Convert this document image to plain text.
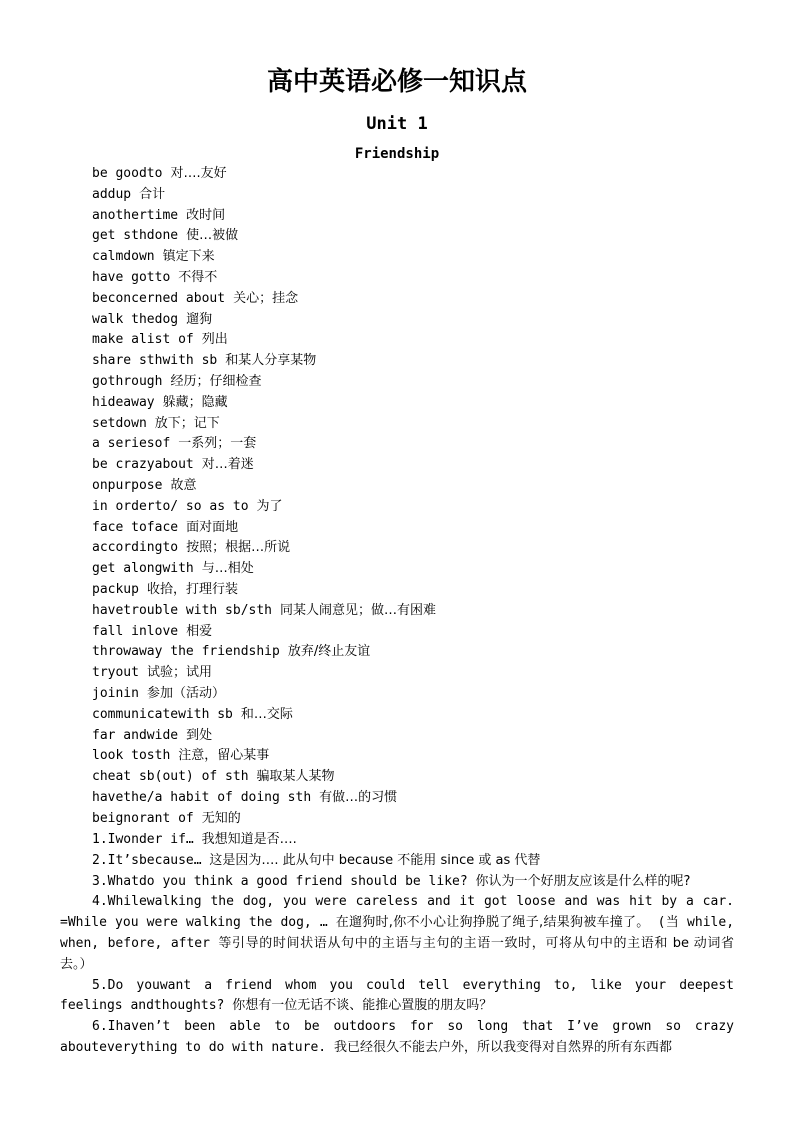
高中英语必修一知识点
Unit 1
Friendship
be goodto 对….友好
addup 合计
anothertime 改时间
get sthdone 使…被做
calmdown 镇定下来
have gotto 不得不
beconcerned about 关心；挂念
walk thedog 遛狗
make alist of 列出
share sthwith sb 和某人分享某物
gothrough 经历；仔细检查
hideaway 躲藏；隐藏
setdown 放下；记下
a seriesof 一系列；一套
be crazyabout 对…着迷
onpurpose 故意
in orderto/ so as to 为了
face toface 面对面地
accordingto 按照；根据…所说
get alongwith 与…相处
packup 收拾，打理行装
havetrouble with sb/sth 同某人闹意见；做…有困难
fall inlove 相爱
throwaway the friendship 放弃/终止友谊
tryout 试验；试用
joinin 参加（活动）
communicatewith sb 和…交际
far andwide 到处
look tosth 注意，留心某事
cheat sb(out) of sth 骗取某人某物
havethe/a habit of doing sth 有做…的习惯
beignorant of 无知的

1.Iwonder if… 我想知道是否….

2.It’sbecause… 这是因为…. 此从句中 because 不能用 since 或 as 代替

3.Whatdo you think a good friend should be like? 你认为一个好朋友应该是什么样的呢?

4.Whilewalking the dog, you were careless and it got loose and was hit by a car. =While you were walking the dog, … 在遛狗时,你不小心让狗挣脱了绳子,结果狗被车撞了。 (当 while, when, before, after 等引导的时间状语从句中的主语与主句的主语一致时，可将从句中的主语和 be 动词省去。）

5.Do youwant a friend whom you could tell everything to, like your deepest feelings andthoughts? 你想有一位无话不谈、能推心置腹的朋友吗？

6.Ihaven’t been able to be outdoors for so long that I’ve grown so crazy abouteverything to do with nature. 我已经很久不能去户外，所以我变得对自然界的所有东西都
